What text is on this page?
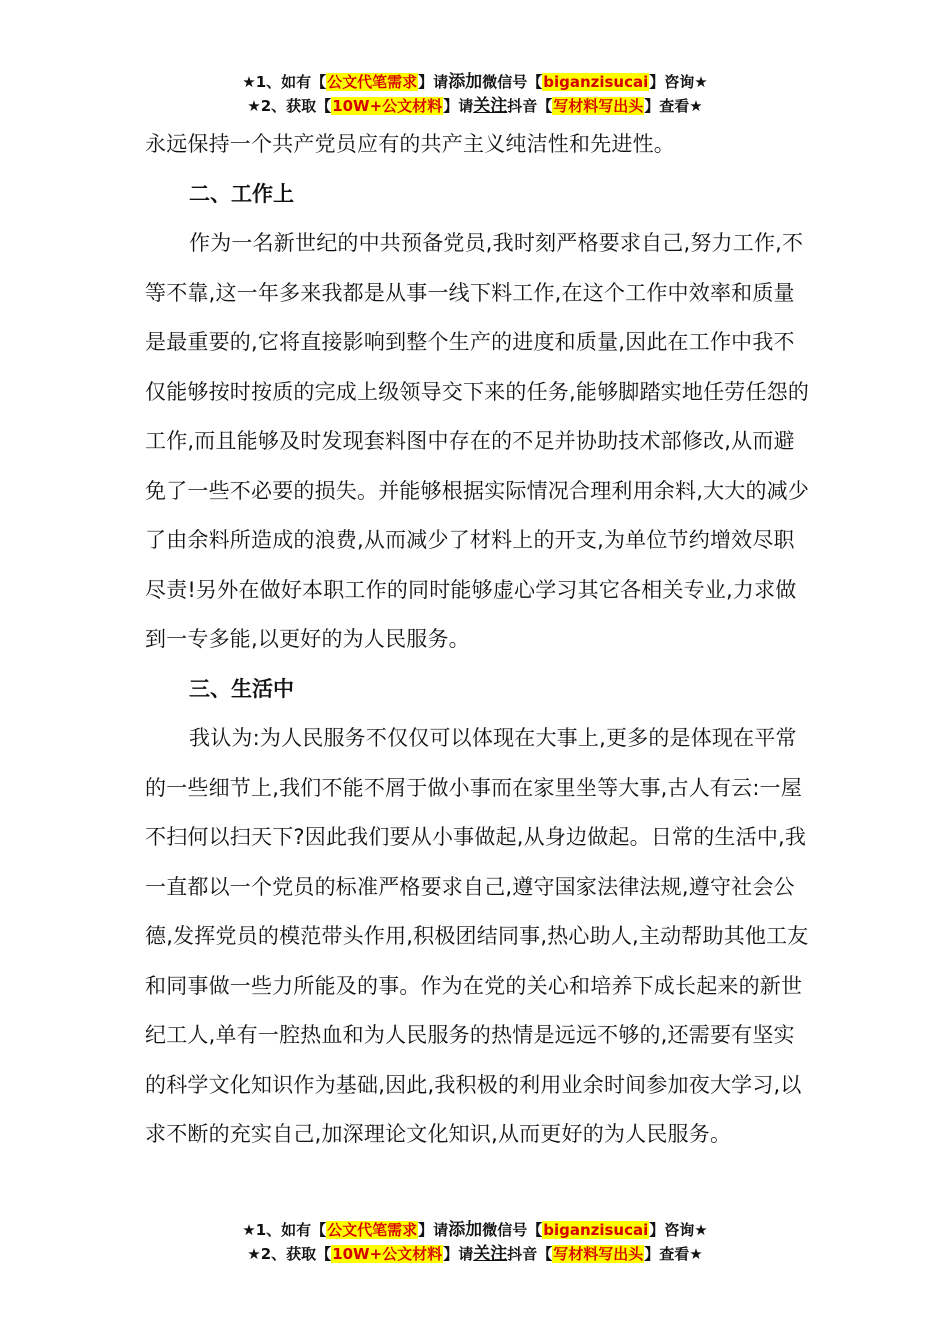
★1、如有【公文代笔需求】请添加微信号【biganzisucai】咨询★
★2、获取【10W+公文材料】请关注抖音【写材料写出头】查看★

永远保持一个共产党员应有的共产主义纯洁性和先进性。

二、工作上

作为一名新世纪的中共预备党员,我时刻严格要求自己,努力工作,不等不靠,这一年多来我都是从事一线下料工作,在这个工作中效率和质量是最重要的,它将直接影响到整个生产的进度和质量,因此在工作中我不仅能够按时按质的完成上级领导交下来的任务,能够脚踏实地任劳任怨的工作,而且能够及时发现套料图中存在的不足并协助技术部修改,从而避免了一些不必要的损失。并能够根据实际情况合理利用余料,大大的减少了由余料所造成的浪费,从而减少了材料上的开支,为单位节约增效尽职尽责!另外在做好本职工作的同时能够虚心学习其它各相关专业,力求做到一专多能,以更好的为人民服务。

三、生活中

我认为:为人民服务不仅仅可以体现在大事上,更多的是体现在平常的一些细节上,我们不能不屑于做小事而在家里坐等大事,古人有云:一屋不扫何以扫天下?因此我们要从小事做起,从身边做起。日常的生活中,我一直都以一个党员的标准严格要求自己,遵守国家法律法规,遵守社会公德,发挥党员的模范带头作用,积极团结同事,热心助人,主动帮助其他工友和同事做一些力所能及的事。作为在党的关心和培养下成长起来的新世纪工人,单有一腔热血和为人民服务的热情是远远不够的,还需要有坚实的科学文化知识作为基础,因此,我积极的利用业余时间参加夜大学习,以求不断的充实自己,加深理论文化知识,从而更好的为人民服务。

★1、如有【公文代笔需求】请添加微信号【biganzisucai】咨询★
★2、获取【10W+公文材料】请关注抖音【写材料写出头】查看★
